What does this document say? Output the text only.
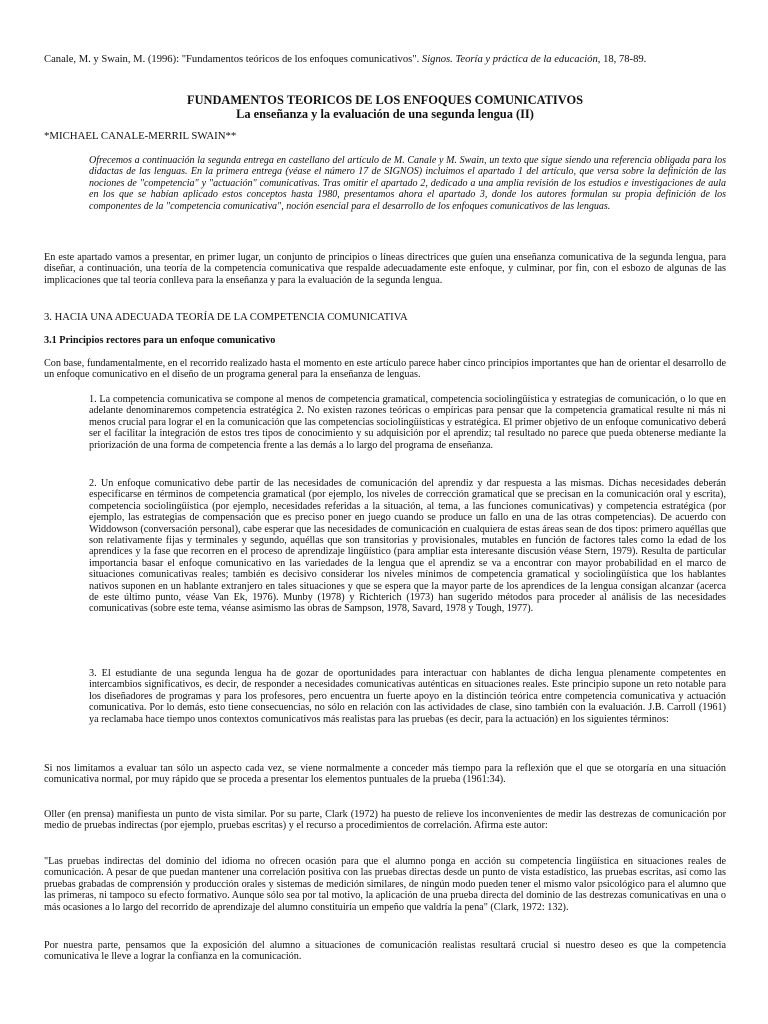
Canale, M. y Swain, M. (1996): "Fundamentos teóricos de los enfoques comunicativos". Signos. Teoría y práctica de la educación, 18, 78-89.

FUNDAMENTOS TEORICOS DE LOS ENFOQUES COMUNICATIVOS
La enseñanza y la evaluación de una segunda lengua (II)
*MICHAEL CANALE-MERRIL SWAIN**

Ofrecemos a continuación la segunda entrega en castellano del artículo de M. Canale y M. Swain, un texto que sigue siendo una referencia obligada para los didactas de las lenguas. En la primera entrega (véase el número 17 de SIGNOS) incluimos el apartado 1 del artículo, que versa sobre la definición de las nociones de "competencia" y "actuación" comunicativas. Tras omitir el apartado 2, dedicado a una amplia revisión de los estudios e investigaciones de aula en los que se habían aplicado estos conceptos hasta 1980, presentamos ahora el apartado 3, donde los autores formulan su propia definición de los componentes de la "competencia comunicativa", noción esencial para el desarrollo de los enfoques comunicativos de las lenguas.

En este apartado vamos a presentar, en primer lugar, un conjunto de principios o líneas directrices que guíen una enseñanza comunicativa de la segunda lengua, para diseñar, a continuación, una teoría de la competencia comunicativa que respalde adecuadamente este enfoque, y culminar, por fin, con el esbozo de algunas de las implicaciones que tal teoría conlleva para la enseñanza y para la evaluación de la segunda lengua.

3. HACIA UNA ADECUADA TEORÍA DE LA COMPETENCIA COMUNICATIVA
3.1 Principios rectores para un enfoque comunicativo

Con base, fundamentalmente, en el recorrido realizado hasta el momento en este artículo parece haber cinco principios importantes que han de orientar el desarrollo de un enfoque comunicativo en el diseño de un programa general para la enseñanza de lenguas.

1. La competencia comunicativa se compone al menos de competencia gramatical, competencia sociolingüística y estrategias de comunicación, o lo que en adelante denominaremos competencia estratégica 2. No existen razones teóricas o empíricas para pensar que la competencia gramatical resulte ni más ni menos crucial para lograr el en la comunicación que las competencias sociolingüísticas y estratégica. El primer objetivo de un enfoque comunicativo deberá ser el facilitar la integración de estos tres tipos de conocimiento y su adquisición por el aprendiz; tal resultado no parece que pueda obtenerse mediante la priorización de una forma de competencia frente a las demás a lo largo del programa de enseñanza.

2. Un enfoque comunicativo debe partir de las necesidades de comunicación del aprendiz y dar respuesta a las mismas. Dichas necesidades deberán especificarse en términos de competencia gramatical (por ejemplo, los niveles de corrección gramatical que se precisan en la comunicación oral y escrita), competencia sociolingüística (por ejemplo, necesidades referidas a la situación, al tema, a las funciones comunicativas) y competencia estratégica (por ejemplo, las estrategias de compensación que es preciso poner en juego cuando se produce un fallo en una de las otras competencias). De acuerdo con Widdowson (conversación personal), cabe esperar que las necesidades de comunicación en cualquiera de estas áreas sean de dos tipos: primero aquéllas que son relativamente fijas y terminales y segundo, aquéllas que son transitorias y provisionales, mutables en función de factores tales como la edad de los aprendices y la fase que recorren en el proceso de aprendizaje lingüístico (para ampliar esta interesante discusión véase Stern, 1979). Resulta de particular importancia basar el enfoque comunicativo en las variedades de la lengua que el aprendiz se va a encontrar con mayor probabilidad en el marco de situaciones comunicativas reales; también es decisivo considerar los niveles mínimos de competencia gramatical y sociolingüística que los hablantes nativos suponen en un hablante extranjero en tales situaciones y que se espera que la mayor parte de los aprendices de la lengua consigan alcanzar (acerca de este último punto, véase Van Ek, 1976). Munby (1978) y Richterich (1973) han sugerido métodos para proceder al análisis de las necesidades comunicativas (sobre este tema, véanse asimismo las obras de Sampson, 1978, Savard, 1978 y Tough, 1977).

3. El estudiante de una segunda lengua ha de gozar de oportunidades para interactuar con hablantes de dicha lengua plenamente competentes en intercambios significativos, es decir, de responder a necesidades comunicativas auténticas en situaciones reales. Este principio supone un reto notable para los diseñadores de programas y para los profesores, pero encuentra un fuerte apoyo en la distinción teórica entre competencia comunicativa y actuación comunicativa. Por lo demás, esto tiene consecuencias, no sólo en relación con las actividades de clase, sino también con la evaluación. J.B. Carroll (1961) ya reclamaba hace tiempo unos contextos comunicativos más realistas para las pruebas (es decir, para la actuación) en los siguientes términos:

Si nos limitamos a evaluar tan sólo un aspecto cada vez, se viene normalmente a conceder más tiempo para la reflexión que el que se otorgaría en una situación comunicativa normal, por muy rápido que se proceda a presentar los elementos puntuales de la prueba (1961:34).

Oller (en prensa) manifiesta un punto de vista similar. Por su parte, Clark (1972) ha puesto de relieve los inconvenientes de medir las destrezas de comunicación por medio de pruebas indirectas (por ejemplo, pruebas escritas) y el recurso a procedimientos de correlación. Afirma este autor:

"Las pruebas indirectas del dominio del idioma no ofrecen ocasión para que el alumno ponga en acción su competencia lingüística en situaciones reales de comunicación. A pesar de que puedan mantener una correlación positiva con las pruebas directas desde un punto de vista estadístico, las pruebas escritas, así como las pruebas grabadas de comprensión y producción orales y sistemas de medición similares, de ningún modo pueden tener el mismo valor psicológico para el alumno que las primeras, ni tampoco su efecto formativo. Aunque sólo sea por tal motivo, la aplicación de una prueba directa del dominio de las destrezas comunicativas en una o más ocasiones a lo largo del recorrido de aprendizaje del alumno constituiría un empeño que valdría la pena" (Clark, 1972: 132).

Por nuestra parte, pensamos que la exposición del alumno a situaciones de comunicación realistas resultará crucial si nuestro deseo es que la competencia comunicativa le lleve a lograr la confianza en la comunicación.
